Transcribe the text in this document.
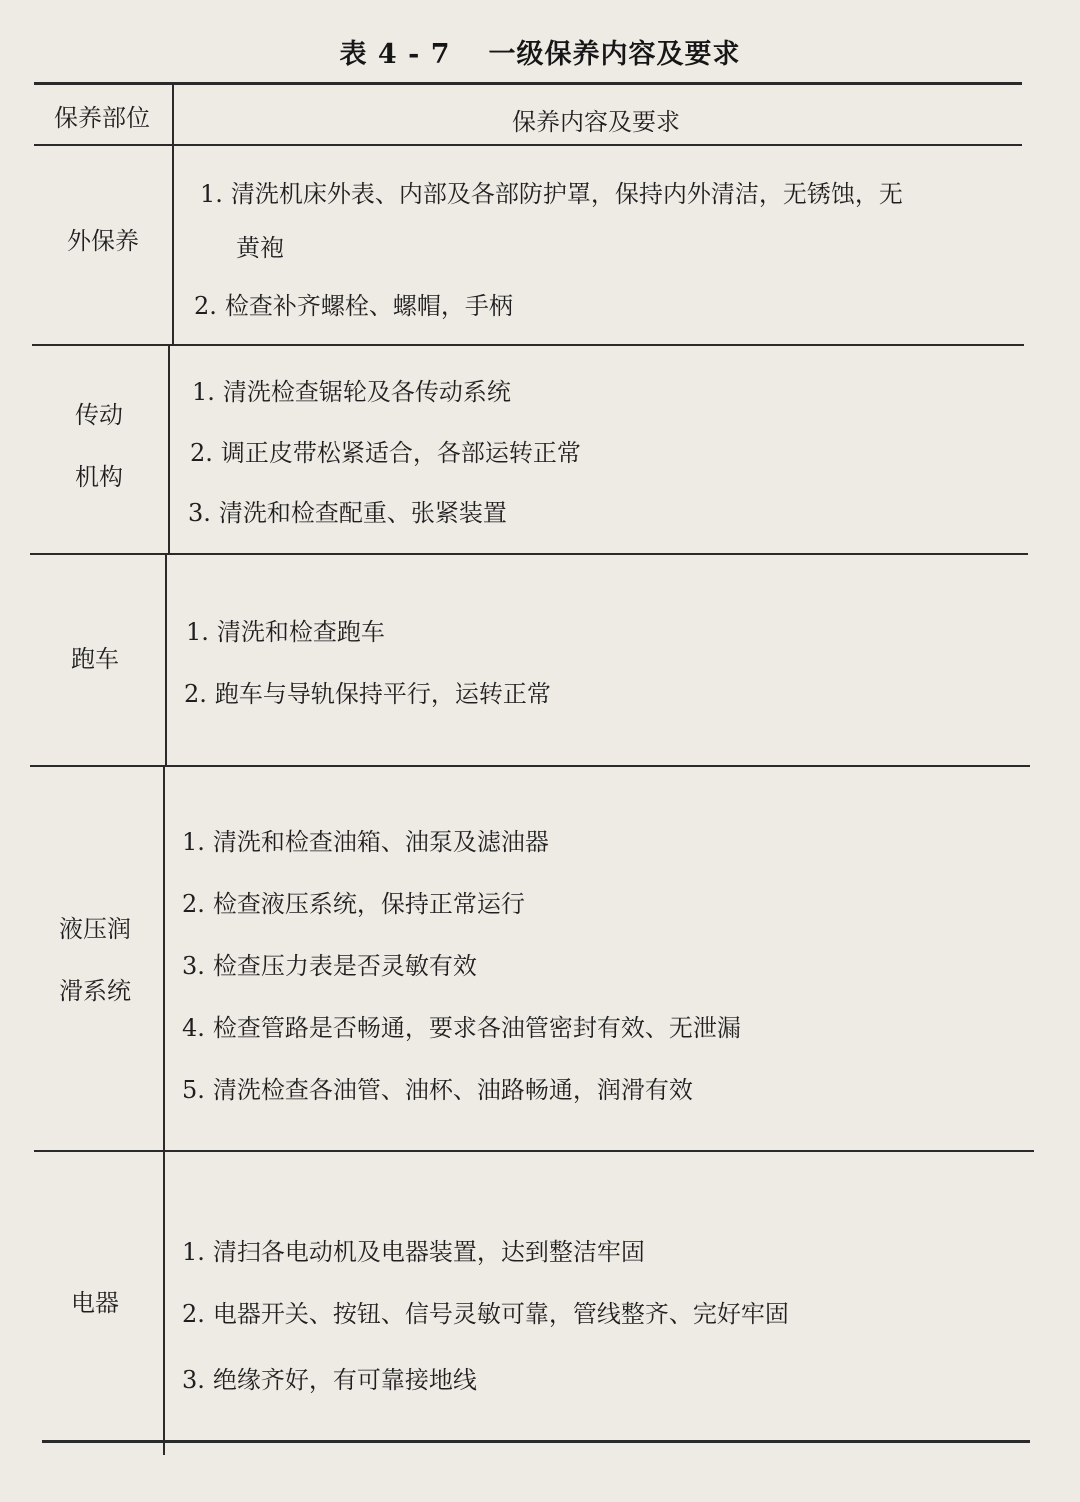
表 4 - 7 一级保养内容及要求
保养部位	保养内容及要求
外保养
1. 清洗机床外表、内部及各部防护罩，保持内外清洁，无锈蚀，无
黄袍
2. 检查补齐螺栓、螺帽，手柄
传动
机构
1. 清洗检查锯轮及各传动系统
2. 调正皮带松紧适合，各部运转正常
3. 清洗和检查配重、张紧装置
跑车
1. 清洗和检查跑车
2. 跑车与导轨保持平行，运转正常
液压润
滑系统
1. 清洗和检查油箱、油泵及滤油器
2. 检查液压系统，保持正常运行
3. 检查压力表是否灵敏有效
4. 检查管路是否畅通，要求各油管密封有效、无泄漏
5. 清洗检查各油管、油杯、油路畅通，润滑有效
电器
1. 清扫各电动机及电器装置，达到整洁牢固
2. 电器开关、按钮、信号灵敏可靠，管线整齐、完好牢固
3. 绝缘齐好，有可靠接地线
